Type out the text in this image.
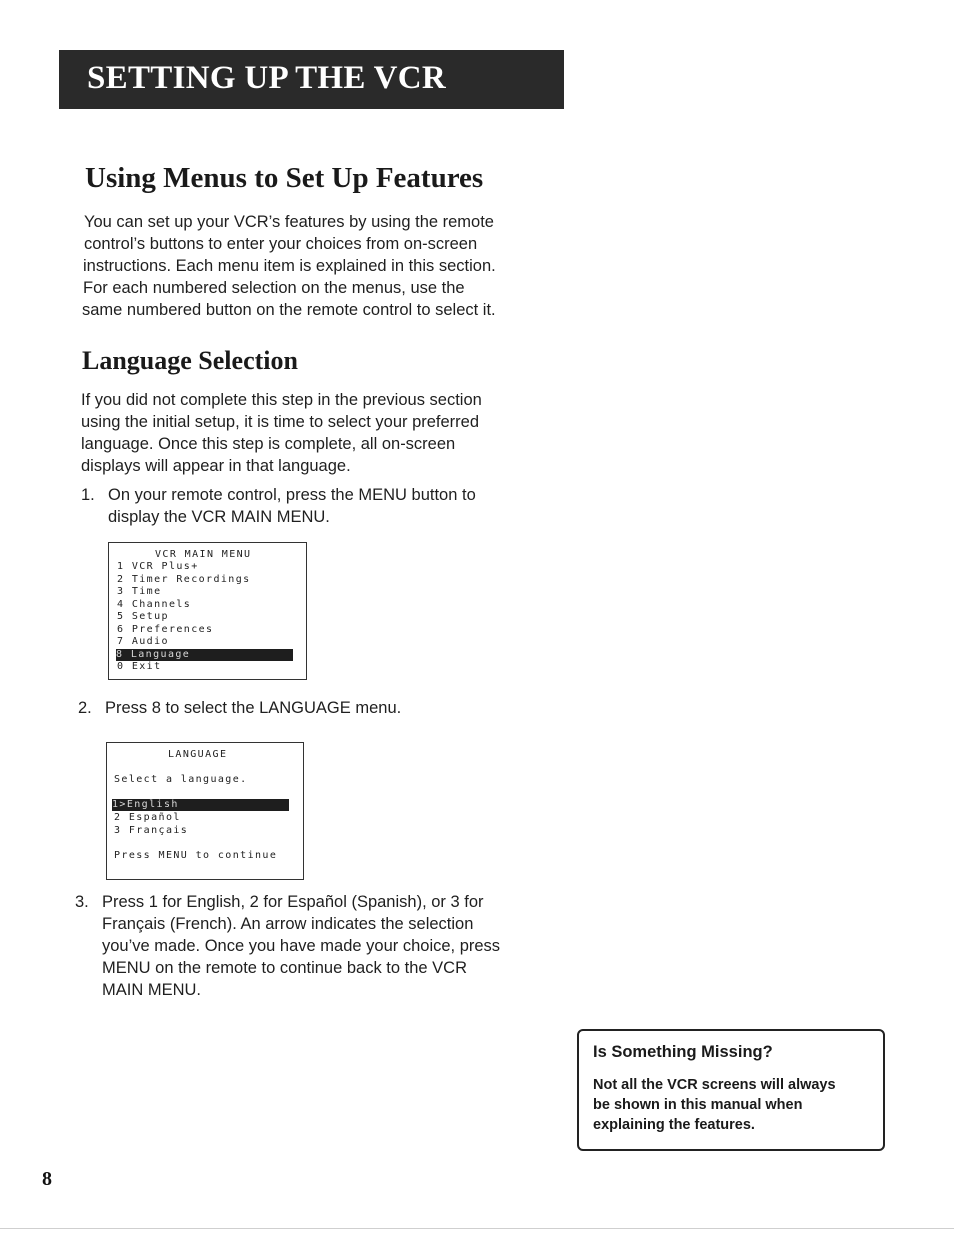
SETTING UP THE VCR
Using Menus to Set Up Features
You can set up your VCR’s features by using the remote
control’s buttons to enter your choices from on-screen
instructions. Each menu item is explained in this section.
For each numbered selection on the menus, use the
same numbered button on the remote control to select it.
Language Selection
If you did not complete this step in the previous section
using the initial setup, it is time to select your preferred
language. Once this step is complete, all on-screen
displays will appear in that language.
1. On your remote control, press the MENU button to
display the VCR MAIN MENU.
VCR MAIN MENU
1 VCR Plus+
2 Timer Recordings
3 Time
4 Channels
5 Setup
6 Preferences
7 Audio
8 Language
0 Exit
2. Press 8 to select the LANGUAGE menu.
LANGUAGE
Select a language.
1>English
2 Español
3 Français
Press MENU to continue
3. Press 1 for English, 2 for Español (Spanish), or 3 for
Français (French). An arrow indicates the selection
you’ve made. Once you have made your choice, press
MENU on the remote to continue back to the VCR
MAIN MENU.
Is Something Missing?
Not all the VCR screens will always
be shown in this manual when
explaining the features.
8
